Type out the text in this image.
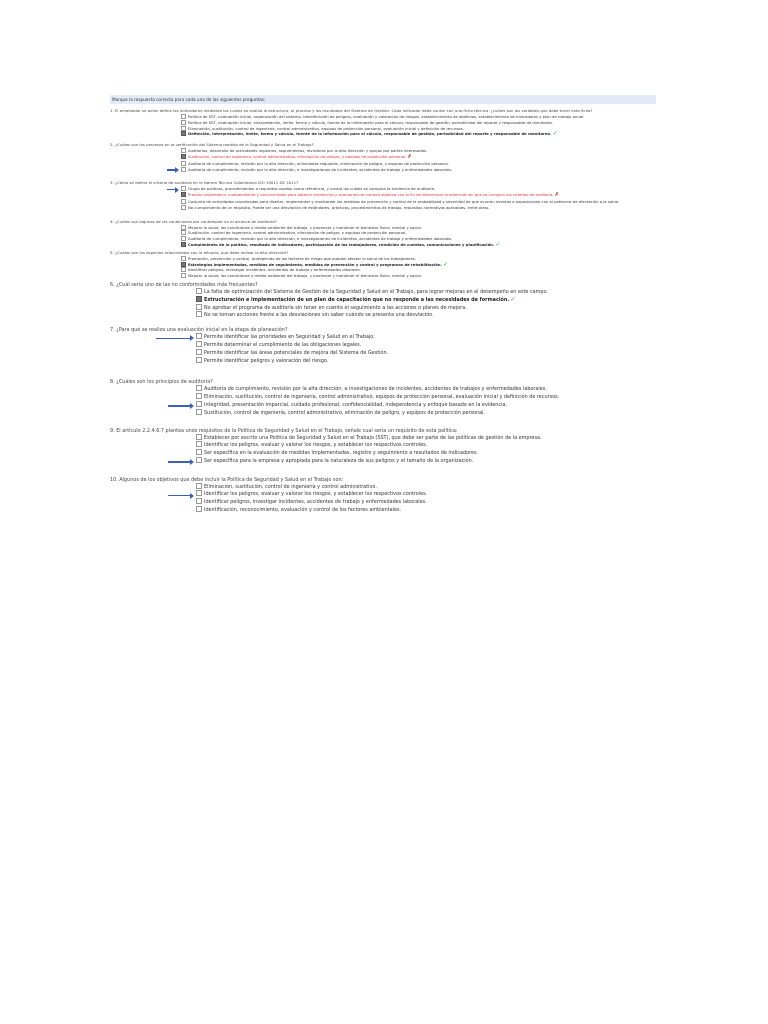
Marque la respuesta correcta para cada una de las siguientes preguntas:
1. El empleador se quien define los indicadores mediante los cuales se evalúa la estructura, el proceso y los resultados del Sistema de Gestión. Cada indicador debe contar con una ficha técnica. ¿cuáles son las variables que debe tener esta ficha?
Política de SST, evaluación inicial, organización del sistema, identificación de peligros, evaluación y valoración de riesgos, establecimiento de objetivos, establecimiento de indicadores y plan de trabajo anual.
Política de SST, evaluación inicial, interpretación, límite, forma y cálculo, fuente de la información para el cálculo, responsable de gestión, periodicidad del reporte y responsable de monitoreo.
Eliminación, sustitución, control de ingeniería, control administrativo, equipos de protección personal, evaluación inicial y definición de recursos.
Definición, interpretación, límite, forma y cálculo, fuente de la información para el cálculo, responsable de gestión, periodicidad del reporte y responsable de monitoreo.✓
2. ¿Cuáles son los procesos en la verificación del Sistema medida de la Seguridad y Salud en el Trabajo?
Auditorías, desarrollo de actividades regulares, seguimientos, revisiones por la alta dirección y quejas por partes interesadas.
Sustitución, control de ingeniería, control administrativo, eliminación de peligro, y equipos de protección personal.✗
Auditoría de cumplimiento, revisión por la alta dirección, actividades regulares, eliminación de peligro, y equipos de protección personal.
Auditoría de cumplimiento, revisión por la alta dirección, e investigaciones de incidentes, accidentes de trabajo y enfermedades laborales.
3. ¿Cómo se define el criterio de auditoría en la Norma Técnica Colombiana ISO 19011 DE 2011?
Grupo de políticas, procedimientos o requisitos usados como referencia, y contra los cuales se compara la evidencia de auditoría.
Proceso sistemático, independiente y documentado para obtener evidencias y evaluarlas de manera objetiva con el fin de determinar la extensión en que se cumplen los criterios de auditoría.✗
Conjunto de actividades coordinadas para diseñar, implementar y monitorear las medidas de prevención y control de la probabilidad y severidad de que ocurran eventos o exposiciones con el potencial de afectación a la salud.
No cumplimiento de un requisito. Puede ser una desviación de estándares, prácticas, procedimientos de trabajo, requisitos normativos aplicables, entre otros.
4. ¿Cuáles son algunas de las condiciones por contemplar en el alcance de auditoría?
Mejorar la salud, las condiciones y medio ambiente del trabajo, y promover y mantener el bienestar físico, mental y social.
Sustitución, control de ingeniería, control administrativo, eliminación de peligro, y equipos de protección personal.
Auditoría de cumplimiento, revisión por la alta dirección, e investigaciones de incidentes, accidentes de trabajo y enfermedades laborales.
Cumplimiento de la política, resultado de indicadores, participación de los trabajadores, rendición de cuentas, comunicaciones y planificación.✓
5. ¿Cuáles son los aspectos relacionados con la eficacia, que debe revisar la alta dirección?
Promoción, prevención y control, protegiendo de los factores de riesgo que puedan afectar la salud de los trabajadores.
Estrategias implementadas, medidas de seguimiento, medidas de prevención y control y programas de rehabilitación.✓
Identificar peligros, investigar incidentes, accidentes de trabajo y enfermedades laborales.
Mejorar la salud, las condiciones y medio ambiente del trabajo, y promover y mantener el bienestar físico, mental y social.
6. ¿Cuál sería uno de las no conformidades más frecuentes?
La falta de optimización del Sistema de Gestión de la Seguridad y Salud en el Trabajo, para lograr mejoras en el desempeño en este campo.
Estructuración e implementación de un plan de capacitación que no responde a las necesidades de formación.✓
No aprobar el programa de auditoría sin tener en cuenta el seguimiento a las acciones o planes de mejora.
No se toman acciones frente a las desviaciones sin saber cuándo se presenta una desviación.
7. ¿Para qué se realiza una evaluación inicial en la etapa de planeación?
Permite identificar las prioridades en Seguridad y Salud en el Trabajo.
Permite determinar el cumplimiento de las obligaciones legales.
Permite identificar las áreas potenciales de mejora del Sistema de Gestión.
Permite identificar peligros y valoración del riesgo.
8. ¿Cuáles son los principios de auditoría?
Auditoría de cumplimiento, revisión por la alta dirección, e investigaciones de incidentes, accidentes de trabajos y enfermedades laborales.
Eliminación, sustitución, control de ingeniería, control administrativo, equipos de protección personal, evaluación inicial y definición de recursos.
Integridad, presentación imparcial, cuidado profesional, confidencialidad, independencia y enfoque basado en la evidencia.
Sustitución, control de ingeniería, control administrativo, eliminación de peligro, y equipos de protección personal.
9. El artículo 2.2.4.6.7 plantea unos requisitos de la Política de Seguridad y Salud en el Trabajo, señale cual sería un requisito de esta política:
Establecer por escrito una Política de Seguridad y Salud en el Trabajo (SST), que debe ser parte de las políticas de gestión de la empresa.
Identificar los peligros, evaluar y valorar los riesgos, y establecer los respectivos controles.
Ser específica en la evaluación de medidas implementadas, registro y seguimiento a resultados de indicadores.
Ser específica para la empresa y apropiada para la naturaleza de sus peligros y el tamaño de la organización.
10. Algunos de los objetivos que debe incluir la Política de Seguridad y Salud en el Trabajo son:
Eliminación, sustitución, control de ingeniería y control administrativo.
Identificar los peligros, evaluar y valorar los riesgos, y establecer los respectivos controles.
Identificar peligros, investigar incidentes, accidentes de trabajo y enfermedades laborales.
Identificación, reconocimiento, evaluación y control de los factores ambientales.
